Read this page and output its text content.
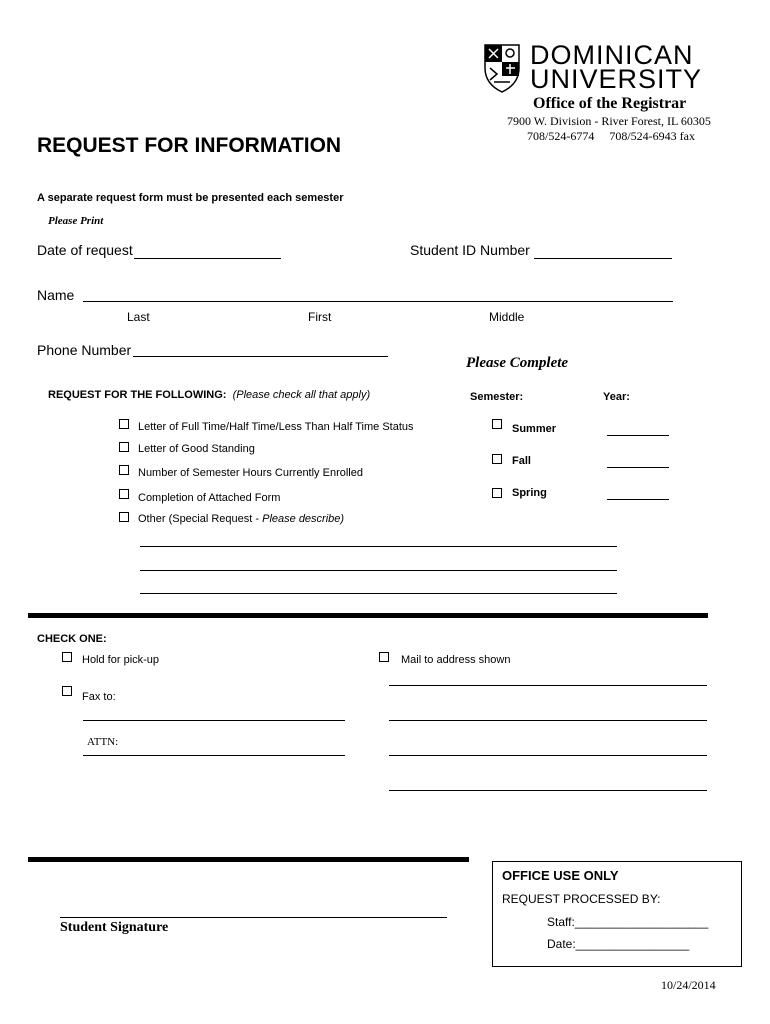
DOMINICAN
UNIVERSITY
Office of the Registrar
7900 W. Division - River Forest, IL 60305
708/524-6774     708/524-6943 fax
REQUEST FOR INFORMATION
A separate request form must be presented each semester
Please Print
Date of request	Student ID Number
Name
Last	First	Middle
Phone Number
Please Complete
REQUEST FOR THE FOLLOWING: (Please check all that apply)	Semester:	Year:
Letter of Full Time/Half Time/Less Than Half Time Status
Letter of Good Standing
Number of Semester Hours Currently Enrolled
Completion of Attached Form
Other (Special Request - Please describe)
Summer
Fall
Spring
CHECK ONE:
Hold for pick-up	Mail to address shown
Fax to:
ATTN:
Student Signature
OFFICE USE ONLY
REQUEST PROCESSED BY:
Staff:____________________
Date:_________________
10/24/2014
